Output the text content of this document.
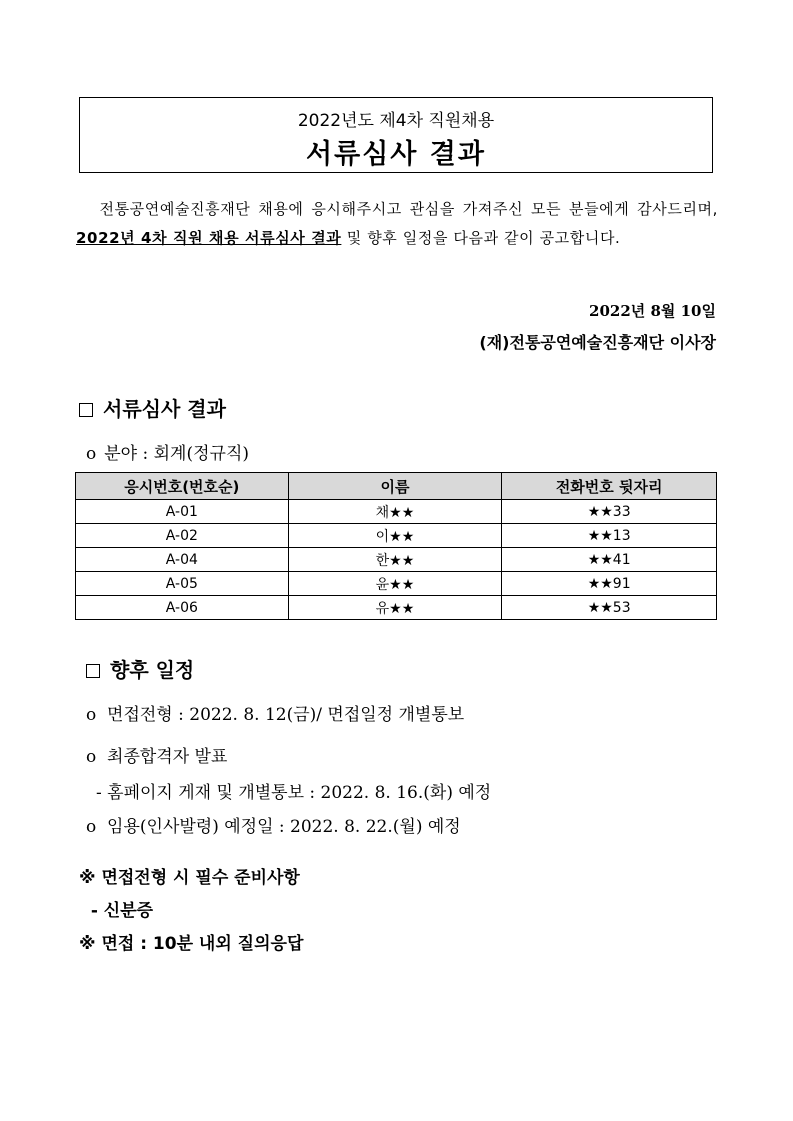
2022년도 제4차 직원채용
서류심사 결과
전통공연예술진흥재단 채용에 응시해주시고 관심을 가져주신 모든 분들에게 감사드리며, 2022년 4차 직원 채용 서류심사 결과 및 향후 일정을 다음과 같이 공고합니다.
2022년 8월 10일
(재)전통공연예술진흥재단 이사장
서류심사 결과
o 분야 : 회계(정규직)
응시번호(번호순)	이름	전화번호 뒷자리
A-01	채★★	★★33
A-02	이★★	★★13
A-04	한★★	★★41
A-05	윤★★	★★91
A-06	유★★	★★53
향후 일정
o  면접전형 : 2022. 8. 12(금)/ 면접일정 개별통보
o  최종합격자 발표
- 홈페이지 게재 및 개별통보 : 2022. 8. 16.(화) 예정
o  임용(인사발령) 예정일 : 2022. 8. 22.(월) 예정
※ 면접전형 시 필수 준비사항
- 신분증
※ 면접 : 10분 내외 질의응답
